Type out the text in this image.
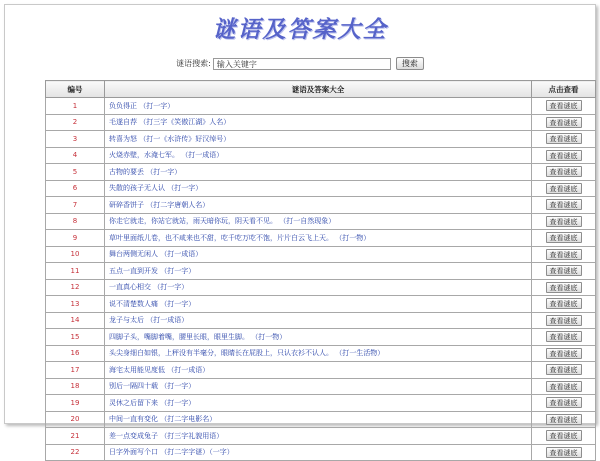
谜语及答案大全
谜语搜索: 输入关键字	搜索
编号	谜语及答案大全	点击查看
1	负负得正 （打一字）	查看谜底
2	毛遂自荐 （打三字《笑傲江湖》人名）	查看谜底
3	转喜为怒 （打一《水浒传》好汉绰号）	查看谜底
4	火烧赤壁，水淹七军。 （打一成语）	查看谜底
5	古物的要丢 （打一字）	查看谜底
6	失散的孩子无人认 （打一字）	查看谜底
7	研碎香饼子 （打二字唐朝人名）	查看谜底
8	你走它就走，你站它就站，雨天暗你玩，阴天看不见。 （打一自然现象）	查看谜底
9	草叶里面纸儿卷，也不咸来也不甜，吃千吃万吃不饱，片片白云飞上天。 （打一物）	查看谜底
10	舞台两侧无闲人 （打一成语）	查看谜底
11	五点一直到开发 （打一字）	查看谜底
12	一直真心相交 （打一字）	查看谜底
13	说不清楚数人痛 （打一字）	查看谜底
14	龙子与太后 （打一成语）	查看谜底
15	四脚子头，嘴脚着嘴，腰里长眼，眼里生脚。 （打一物）	查看谜底
16	头尖身细白如银，上秤没有半毫分，眼睛长在屁股上，只认衣衫不认人。 （打一生活物）	查看谜底
17	海宅太用能见度低 （打一成语）	查看谜底
18	别后一隔四十载 （打一字）	查看谜底
19	灵休之后留下来 （打一字）	查看谜底
20	中间一直有变化 （打二字电影名）	查看谜底
21	差一点变成兔子 （打三字礼貌用语）	查看谜底
22	日字外面写个口 （打二字字谜）（一字）	查看谜底
